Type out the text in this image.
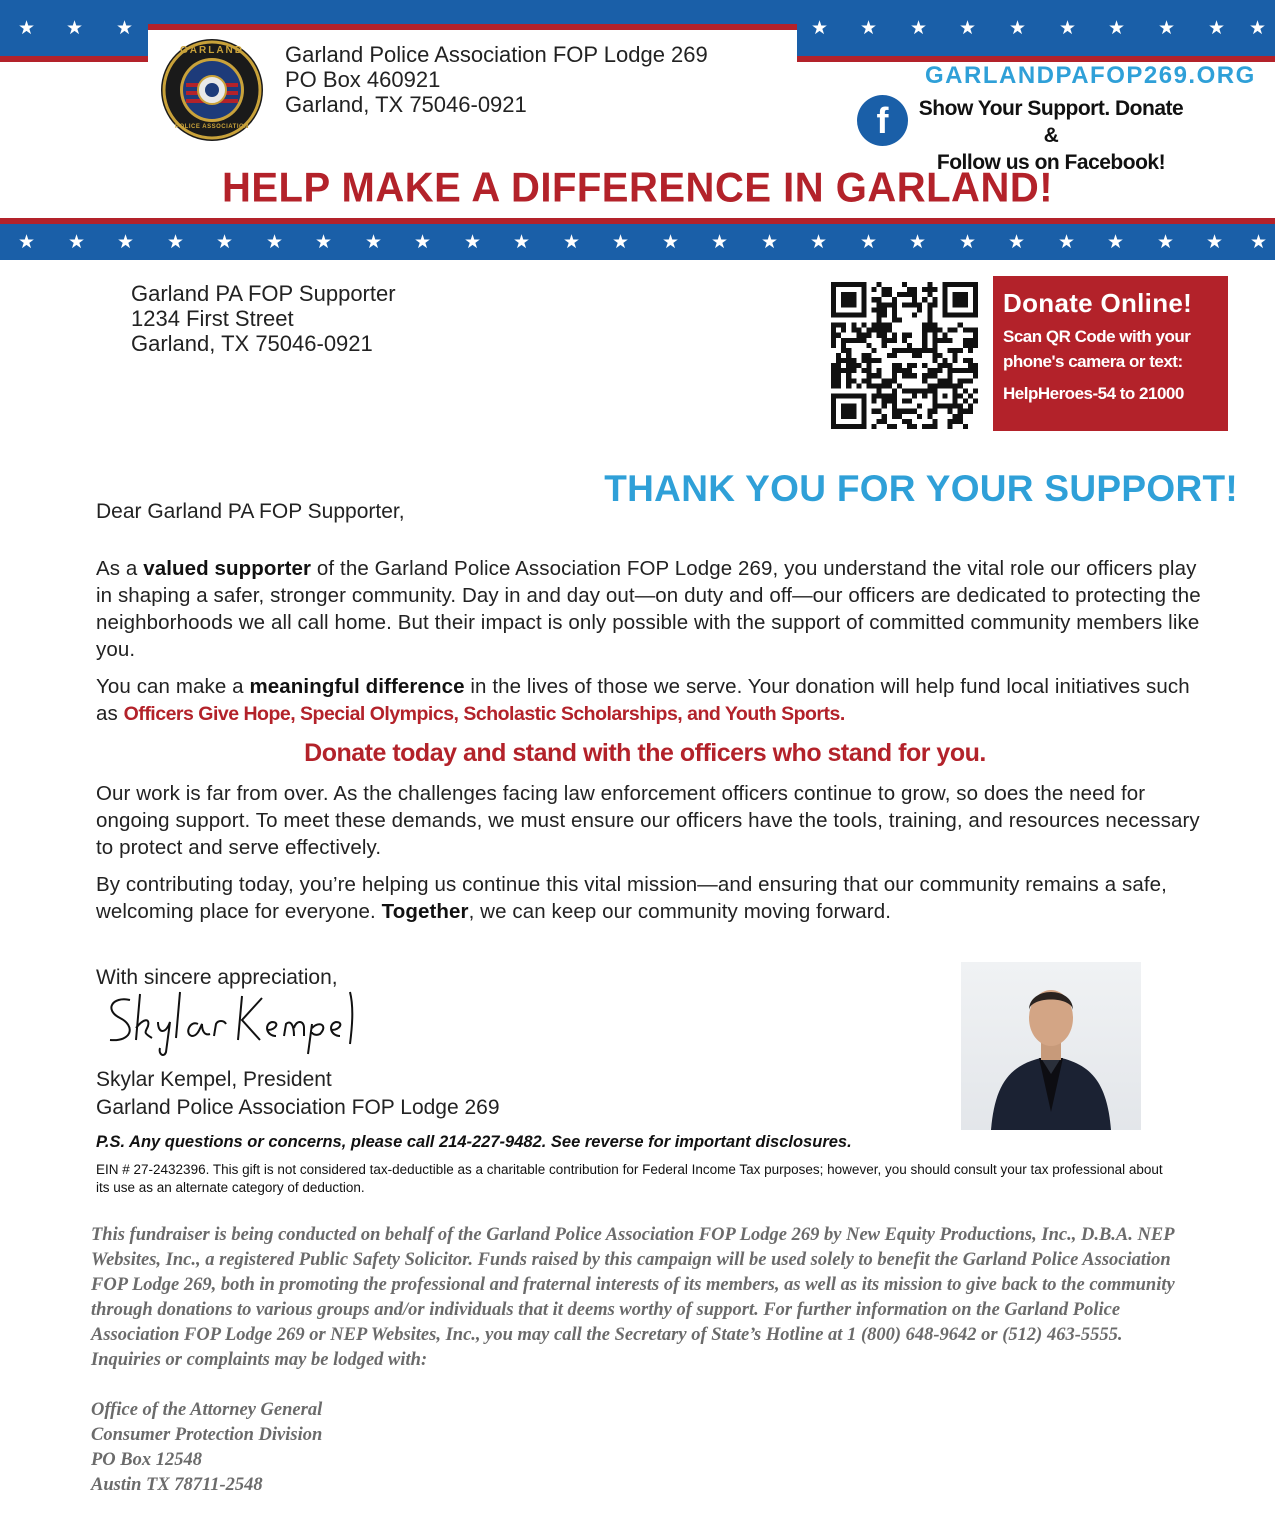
★ ★ ★	★ ★ ★ ★ ★ ★ ★ ★ ★ ★
GARLAND
POLICE ASSOCIATION
Garland Police Association FOP Lodge 269
PO Box 460921
Garland, TX 75046-0921
GARLANDPAFOP269.ORG
f	Show Your Support. Donate &
Follow us on Facebook!
HELP MAKE A DIFFERENCE IN GARLAND!
★ ★ ★ ★ ★ ★ ★ ★ ★ ★ ★ ★ ★ ★ ★ ★ ★ ★ ★ ★ ★ ★ ★ ★ ★ ★
Garland PA FOP Supporter
1234 First Street
Garland, TX 75046-0921
Donate Online!
Scan QR Code with your
phone's camera or text:
HelpHeroes-54 to 21000
THANK YOU FOR YOUR SUPPORT!
Dear Garland PA FOP Supporter,
As a valued supporter of the Garland Police Association FOP Lodge 269, you understand the vital role our officers play in shaping a safer, stronger community. Day in and day out—on duty and off—our officers are dedicated to protecting the neighborhoods we all call home. But their impact is only possible with the support of committed community members like you.
You can make a meaningful difference in the lives of those we serve. Your donation will help fund local initiatives such as Officers Give Hope, Special Olympics, Scholastic Scholarships, and Youth Sports.
Donate today and stand with the officers who stand for you.
Our work is far from over. As the challenges facing law enforcement officers continue to grow, so does the need for ongoing support. To meet these demands, we must ensure our officers have the tools, training, and resources necessary to protect and serve effectively.
By contributing today, you’re helping us continue this vital mission—and ensuring that our community remains a safe, welcoming place for everyone. Together, we can keep our community moving forward.
With sincere appreciation,
Skylar Kempel, President
Garland Police Association FOP Lodge 269
P.S. Any questions or concerns, please call 214-227-9482. See reverse for important disclosures.
EIN # 27-2432396. This gift is not considered tax-deductible as a charitable contribution for Federal Income Tax purposes; however, you should consult your tax professional about its use as an alternate category of deduction.
This fundraiser is being conducted on behalf of the Garland Police Association FOP Lodge 269 by New Equity Productions, Inc., D.B.A. NEP Websites, Inc., a registered Public Safety Solicitor. Funds raised by this campaign will be used solely to benefit the Garland Police Association FOP Lodge 269, both in promoting the professional and fraternal interests of its members, as well as its mission to give back to the community through donations to various groups and/or individuals that it deems worthy of support. For further information on the Garland Police Association FOP Lodge 269 or NEP Websites, Inc., you may call the Secretary of State’s Hotline at 1 (800) 648-9642 or (512) 463-5555. Inquiries or complaints may be lodged with:
Office of the Attorney General
Consumer Protection Division
PO Box 12548
Austin TX 78711-2548
